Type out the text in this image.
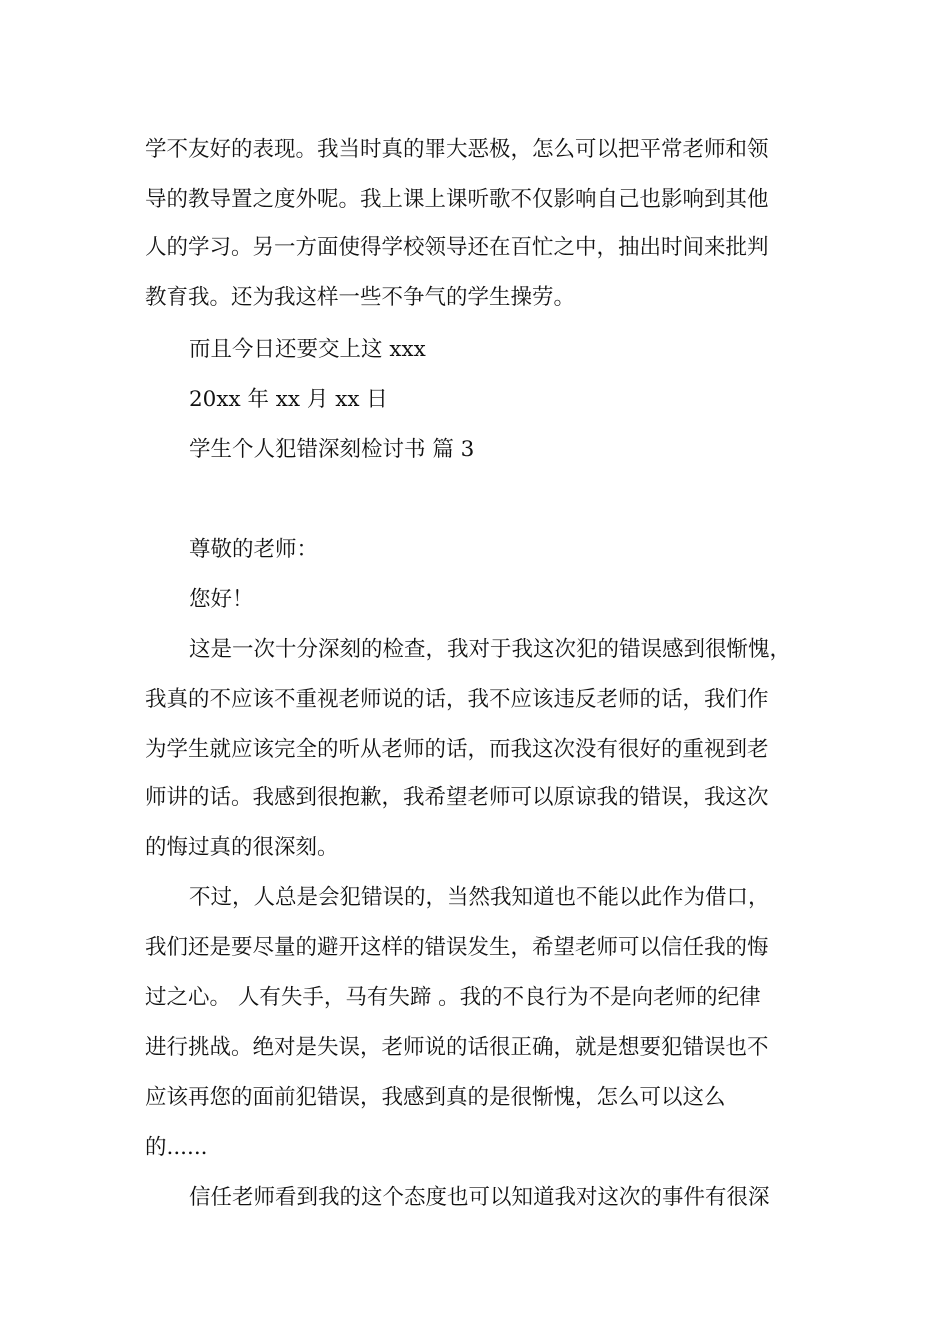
学不友好的表现。我当时真的罪大恶极，怎么可以把平常老师和领
导的教导置之度外呢。我上课上课听歌不仅影响自己也影响到其他
人的学习。另一方面使得学校领导还在百忙之中，抽出时间来批判
教育我。还为我这样一些不争气的学生操劳。
而且今日还要交上这 xxx
20xx 年 xx 月 xx 日
学生个人犯错深刻检讨书 篇 3
尊敬的老师：
您好！
这是一次十分深刻的检查，我对于我这次犯的错误感到很惭愧，
我真的不应该不重视老师说的话，我不应该违反老师的话，我们作
为学生就应该完全的听从老师的话，而我这次没有很好的重视到老
师讲的话。我感到很抱歉，我希望老师可以原谅我的错误，我这次
的悔过真的很深刻。
不过，人总是会犯错误的，当然我知道也不能以此作为借口，
我们还是要尽量的避开这样的错误发生，希望老师可以信任我的悔
过之心。 人有失手，马有失蹄 。我的不良行为不是向老师的纪律
进行挑战。绝对是失误，老师说的话很正确，就是想要犯错误也不
应该再您的面前犯错误，我感到真的是很惭愧，怎么可以这么
的......
信任老师看到我的这个态度也可以知道我对这次的事件有很深
